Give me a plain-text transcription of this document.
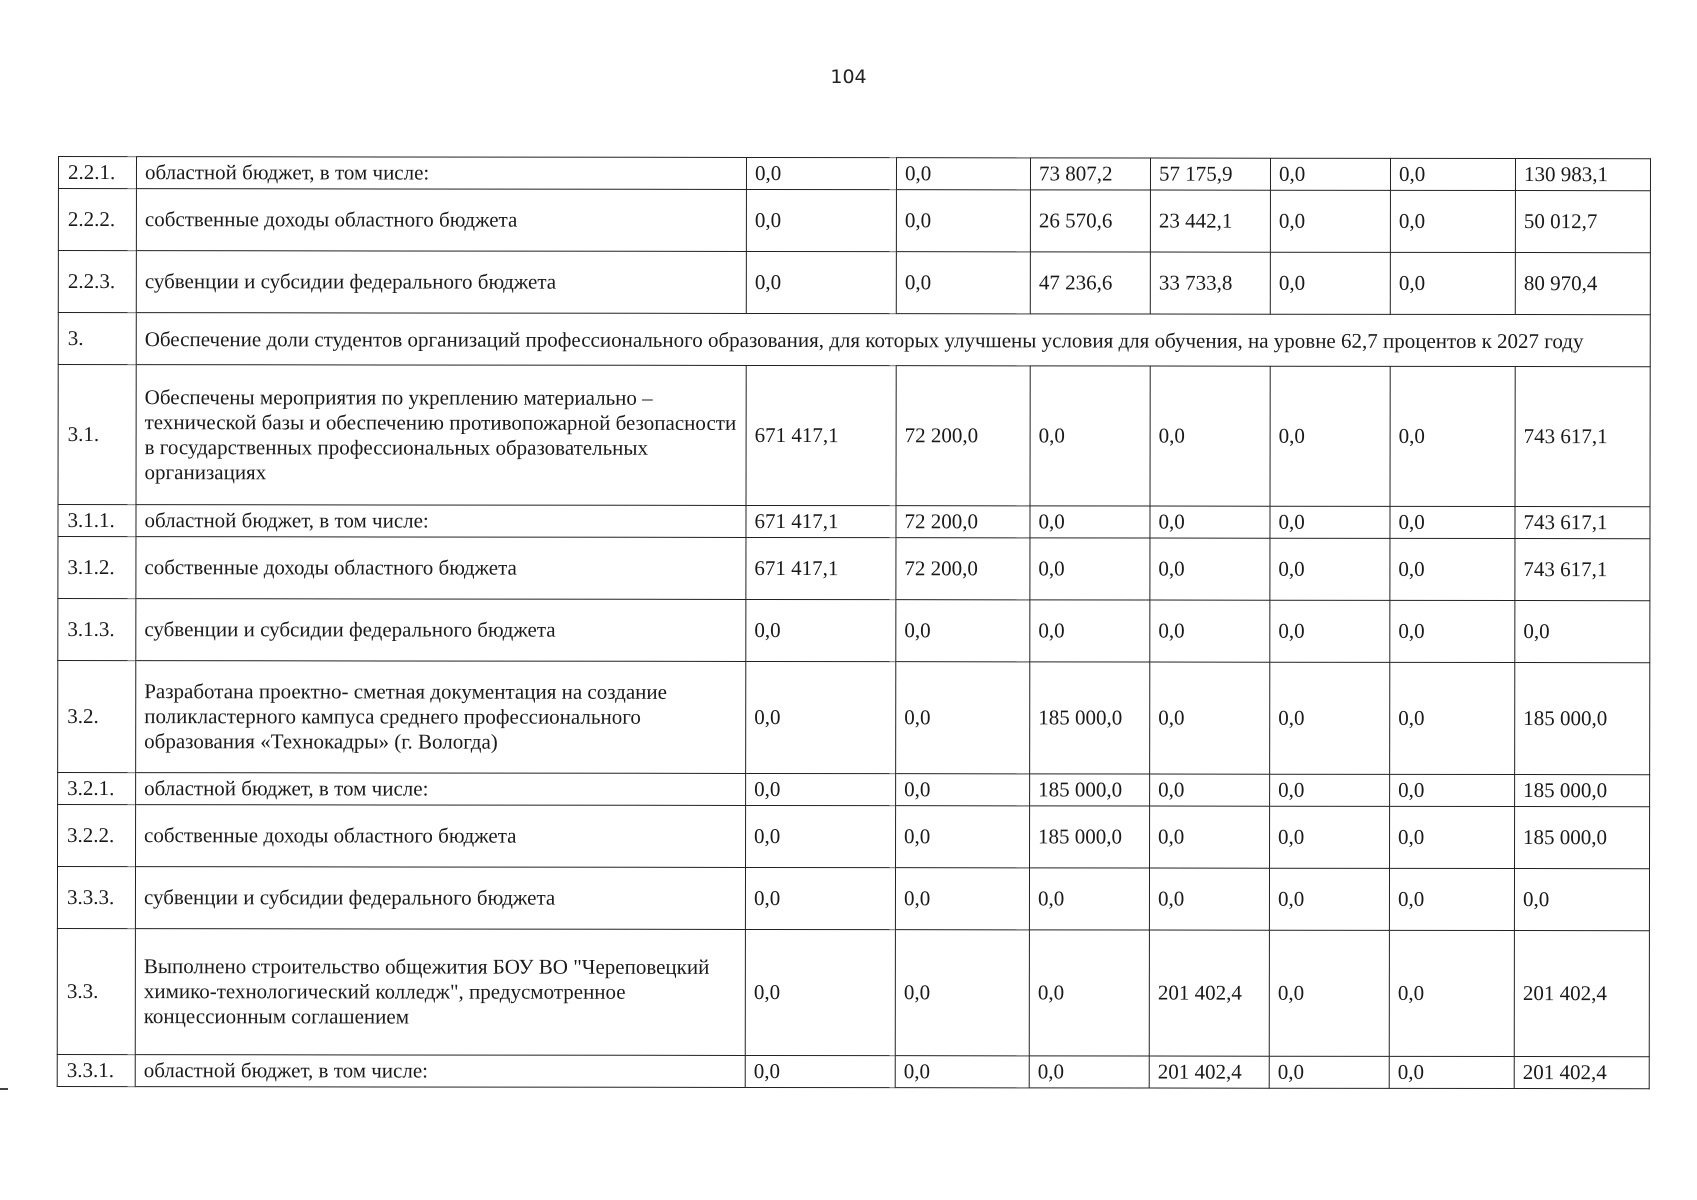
104
2.2.1.	областной бюджет, в том числе:	0,0	0,0	73 807,2	57 175,9	0,0	0,0	130 983,1
2.2.2.	собственные доходы областного бюджета	0,0	0,0	26 570,6	23 442,1	0,0	0,0	50 012,7
2.2.3.	субвенции и субсидии федерального бюджета	0,0	0,0	47 236,6	33 733,8	0,0	0,0	80 970,4
3.	Обеспечение доли студентов организаций профессионального образования, для которых улучшены условия для обучения, на уровне 62,7 процентов к 2027 году							
3.1.	Обеспечены мероприятия по укреплению материально – технической базы и обеспечению противопожарной безопасности в государственных профессиональных образовательных организациях	671 417,1	72 200,0	0,0	0,0	0,0	0,0	743 617,1
3.1.1.	областной бюджет, в том числе:	671 417,1	72 200,0	0,0	0,0	0,0	0,0	743 617,1
3.1.2.	собственные доходы областного бюджета	671 417,1	72 200,0	0,0	0,0	0,0	0,0	743 617,1
3.1.3.	субвенции и субсидии федерального бюджета	0,0	0,0	0,0	0,0	0,0	0,0	0,0
3.2.	Разработана проектно- сметная документация на создание поликластерного кампуса среднего профессионального образования «Технокадры» (г. Вологда)	0,0	0,0	185 000,0	0,0	0,0	0,0	185 000,0
3.2.1.	областной бюджет, в том числе:	0,0	0,0	185 000,0	0,0	0,0	0,0	185 000,0
3.2.2.	собственные доходы областного бюджета	0,0	0,0	185 000,0	0,0	0,0	0,0	185 000,0
3.3.3.	субвенции и субсидии федерального бюджета	0,0	0,0	0,0	0,0	0,0	0,0	0,0
3.3.	Выполнено строительство общежития БОУ ВО "Череповецкий химико-технологический колледж", предусмотренное концессионным соглашением	0,0	0,0	0,0	201 402,4	0,0	0,0	201 402,4
3.3.1.	областной бюджет, в том числе:	0,0	0,0	0,0	201 402,4	0,0	0,0	201 402,4
